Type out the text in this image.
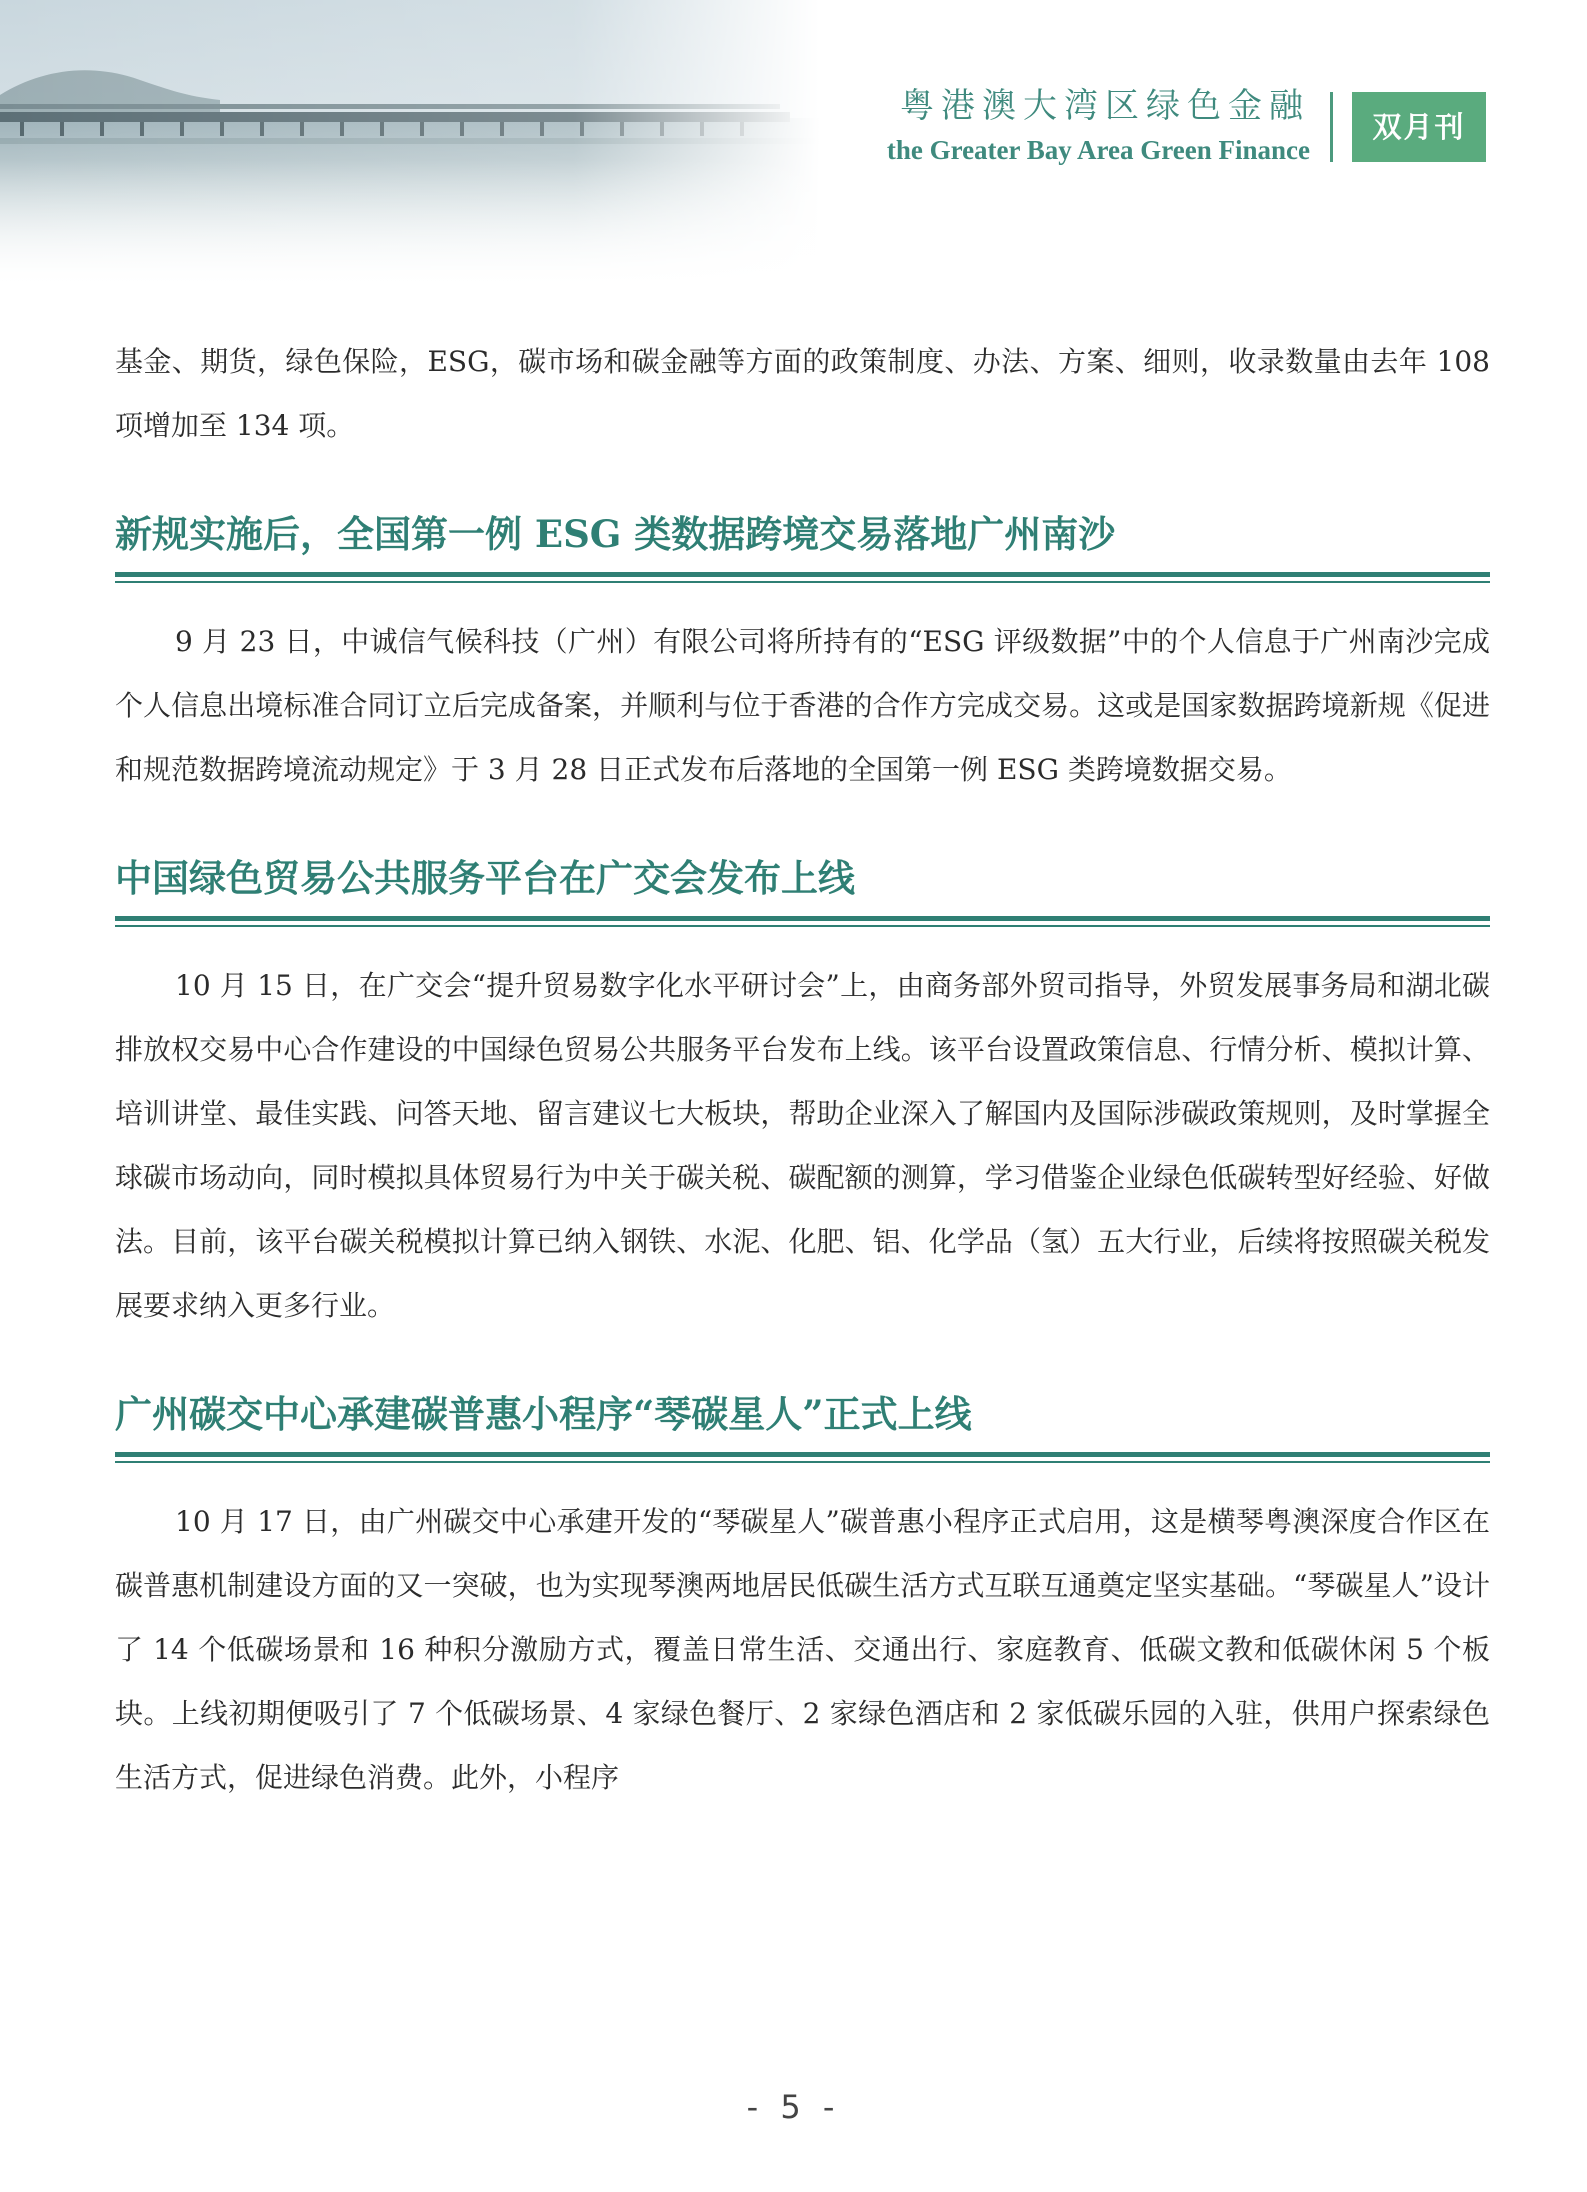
粤港澳大湾区绿色金融
the Greater Bay Area Green Finance
双月刊

基金、期货，绿色保险，ESG，碳市场和碳金融等方面的政策制度、办法、方案、细则，收录数量由去年 108 项增加至 134 项。

新规实施后，全国第一例 ESG 类数据跨境交易落地广州南沙

9 月 23 日，中诚信气候科技（广州）有限公司将所持有的“ESG 评级数据”中的个人信息于广州南沙完成个人信息出境标准合同订立后完成备案，并顺利与位于香港的合作方完成交易。这或是国家数据跨境新规《促进和规范数据跨境流动规定》于 3 月 28 日正式发布后落地的全国第一例 ESG 类跨境数据交易。

中国绿色贸易公共服务平台在广交会发布上线

10 月 15 日，在广交会“提升贸易数字化水平研讨会”上，由商务部外贸司指导，外贸发展事务局和湖北碳排放权交易中心合作建设的中国绿色贸易公共服务平台发布上线。该平台设置政策信息、行情分析、模拟计算、培训讲堂、最佳实践、问答天地、留言建议七大板块，帮助企业深入了解国内及国际涉碳政策规则，及时掌握全球碳市场动向，同时模拟具体贸易行为中关于碳关税、碳配额的测算，学习借鉴企业绿色低碳转型好经验、好做法。目前，该平台碳关税模拟计算已纳入钢铁、水泥、化肥、铝、化学品（氢）五大行业，后续将按照碳关税发展要求纳入更多行业。

广州碳交中心承建碳普惠小程序“琴碳星人”正式上线

10 月 17 日，由广州碳交中心承建开发的“琴碳星人”碳普惠小程序正式启用，这是横琴粤澳深度合作区在碳普惠机制建设方面的又一突破，也为实现琴澳两地居民低碳生活方式互联互通奠定坚实基础。“琴碳星人”设计了 14 个低碳场景和 16 种积分激励方式，覆盖日常生活、交通出行、家庭教育、低碳文教和低碳休闲 5 个板块。上线初期便吸引了 7 个低碳场景、4 家绿色餐厅、2 家绿色酒店和 2 家低碳乐园的入驻，供用户探索绿色生活方式，促进绿色消费。此外，小程序

- 5 -
